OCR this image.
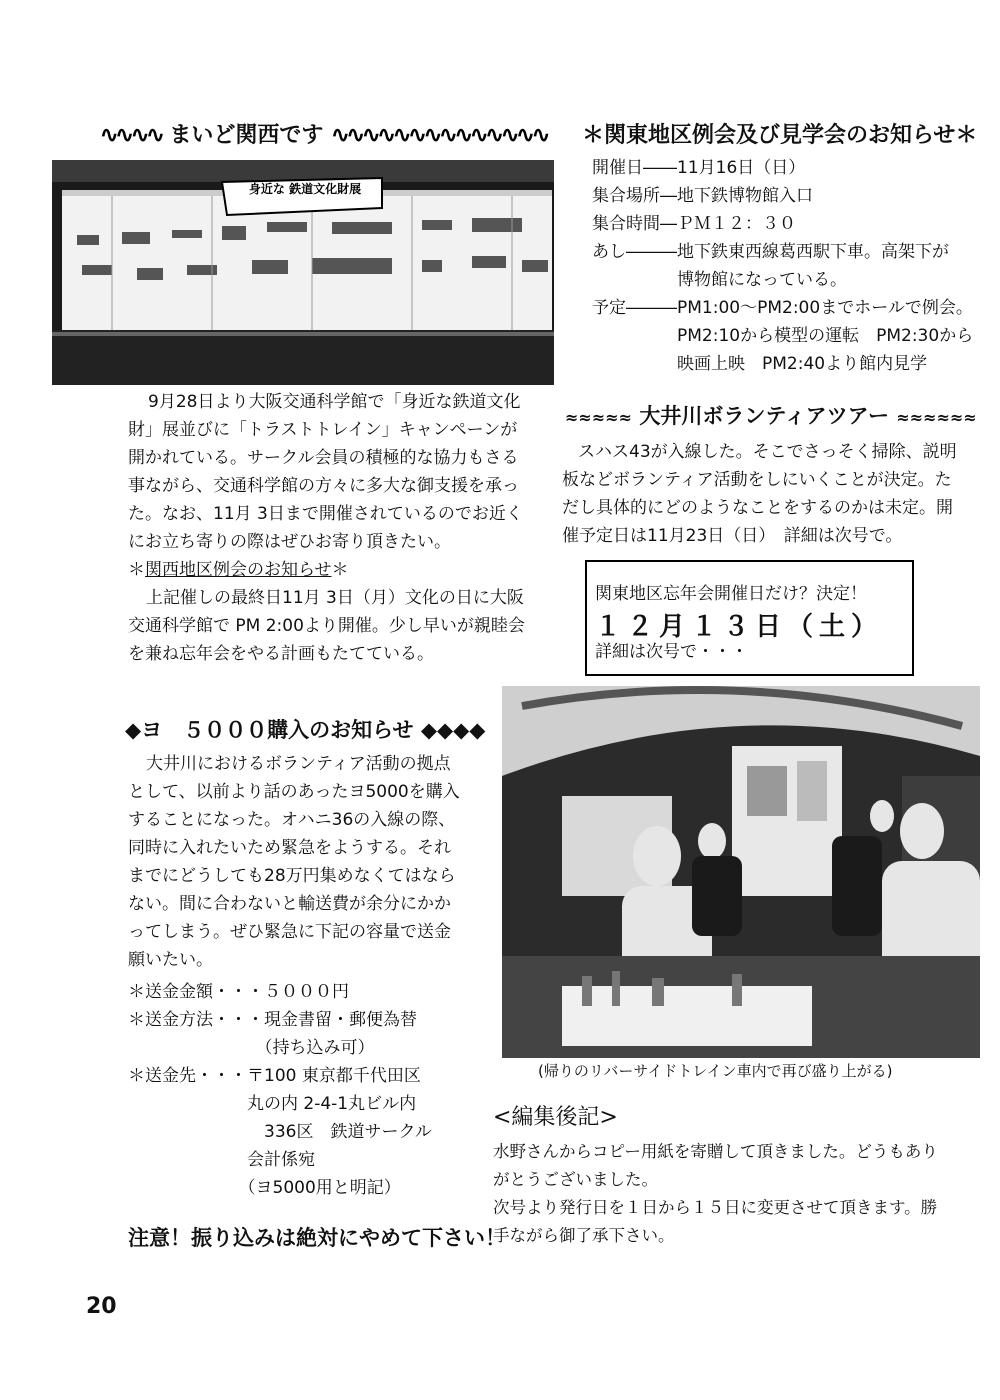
∿∿∿∿ まいど関西です ∿∿∿∿∿∿∿∿∿∿∿∿∿∿
身近な 鉄道文化財展
9月28日より大阪交通科学館で「身近な鉄道文化
財」展並びに「トラストトレイン」キャンペーンが
開かれている。サークル会員の積極的な協力もさる
事ながら、交通科学館の方々に多大な御支援を承っ
た。なお、11月 3日まで開催されているのでお近く
にお立ち寄りの際はぜひお寄り頂きたい。
＊関西地区例会のお知らせ＊
上記催しの最終日11月 3日（月）文化の日に大阪
交通科学館で PM 2:00より開催。少し早いが親睦会
を兼ね忘年会をやる計画もたてている。
＊関東地区例会及び見学会のお知らせ＊
開催日――11月16日（日）
集合場所―地下鉄博物館入口
集合時間―ＰＭ１２：３０
あし―――地下鉄東西線葛西駅下車。高架下が
　　　　　博物館になっている。
予定―――PM1:00～PM2:00までホールで例会。
　　　　　PM2:10から模型の運転　PM2:30から
　　　　　映画上映　PM2:40より館内見学
≈≈≈≈≈ 大井川ボランティアツアー ≈≈≈≈≈≈
スハス43が入線した。そこでさっそく掃除、説明
板などボランティア活動をしにいくことが決定。た
だし具体的にどのようなことをするのかは未定。開
催予定日は11月23日（日）　詳細は次号で。
関東地区忘年会開催日だけ？決定！
１２月１３日（土）
詳細は次号で・・・
◆ヨ　５０００購入のお知らせ ◆◆◆◆
大井川におけるボランティア活動の拠点
として、以前より話のあったヨ5000を購入
することになった。オハニ36の入線の際、
同時に入れたいため緊急をようする。それ
までにどうしても28万円集めなくてはなら
ない。間に合わないと輸送費が余分にかか
ってしまう。ぜひ緊急に下記の容量で送金
願いたい。
＊送金金額・・・５０００円
＊送金方法・・・現金書留・郵便為替
　　　　　　　　（持ち込み可）
＊送金先・・・〒100 東京都千代田区
　　　　　　　丸の内 2-4-1丸ビル内
　　　　　　　　336区　鉄道サークル
　　　　　　　会計係宛
　　　　　　　（ヨ5000用と明記）
注意！振り込みは絶対にやめて下さい！
(帰りのリバーサイドトレイン車内で再び盛り上がる)
<編集後記>
水野さんからコピー用紙を寄贈して頂きました。どうもあり
がとうございました。
次号より発行日を１日から１５日に変更させて頂きます。勝
手ながら御了承下さい。
20
